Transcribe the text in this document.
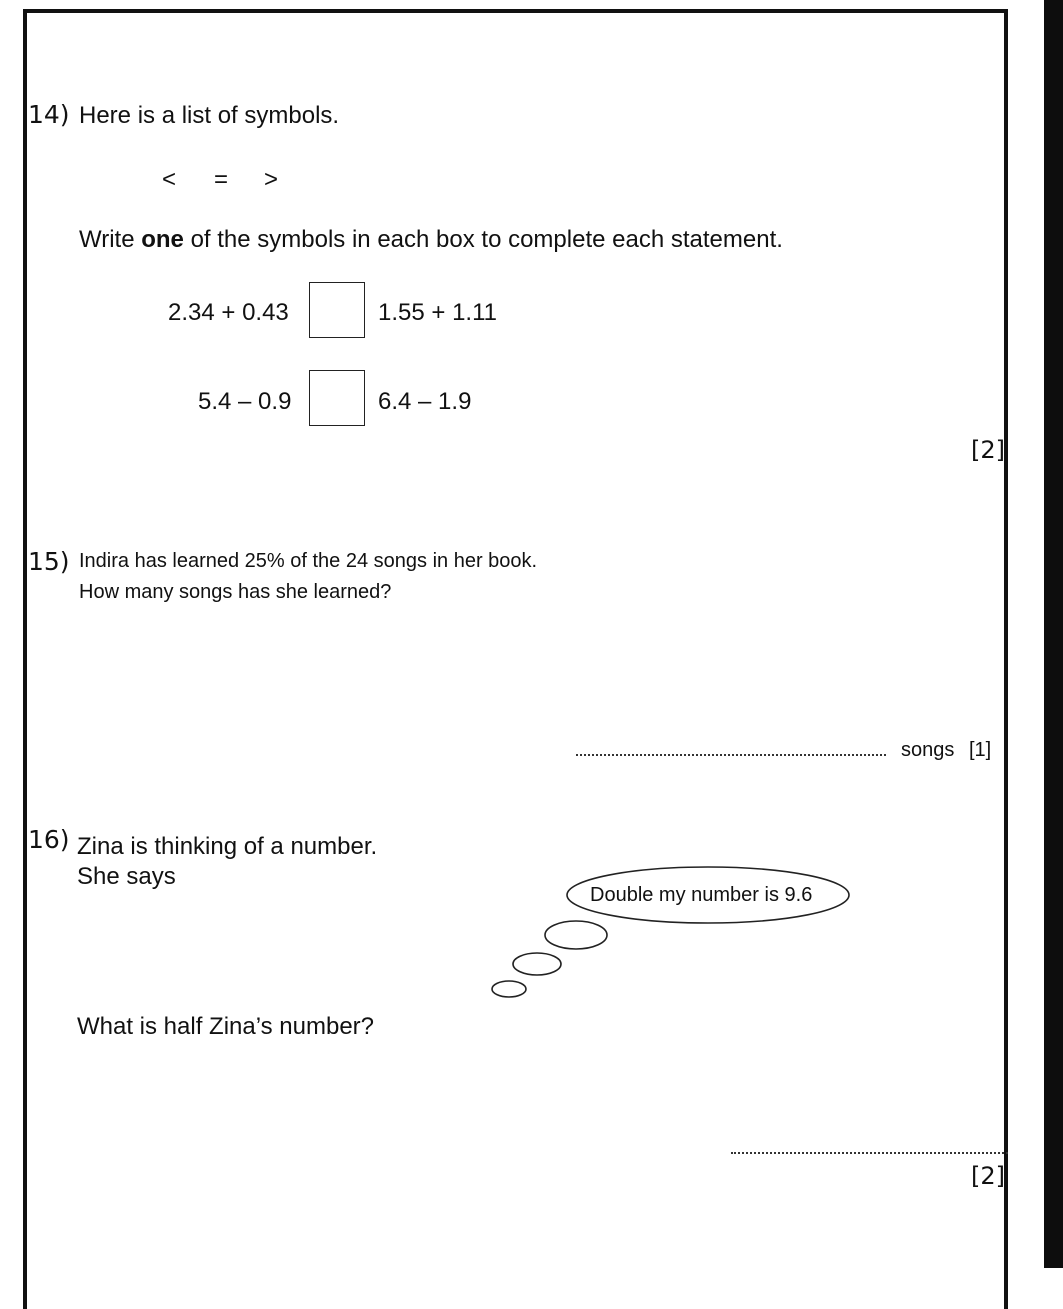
14) Here is a list of symbols.
< = >
Write one of the symbols in each box to complete each statement.
2.34 + 0.43	1.55 + 1.11
5.4 – 0.9	6.4 – 1.9
[2]
15) Indira has learned 25% of the 24 songs in her book.
How many songs has she learned?
songs [1]
16) Zina is thinking of a number.
She says
Double my number is 9.6
What is half Zina’s number?
[2]
